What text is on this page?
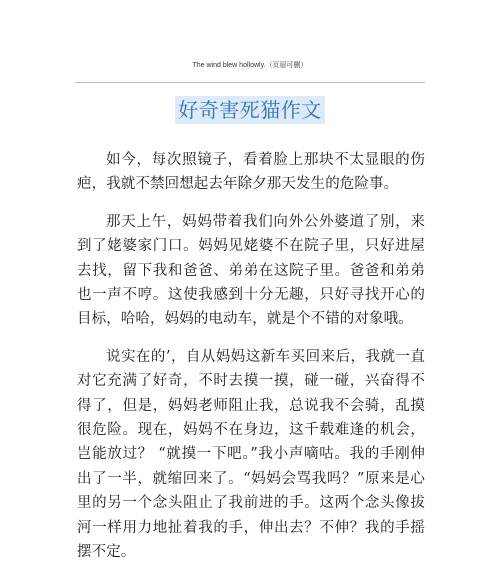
The wind blew hollowly.（页眉可删）
好奇害死猫作文

如今，每次照镜子，看着脸上那块不太显眼的伤疤，我就不禁回想起去年除夕那天发生的危险事。

那天上午，妈妈带着我们向外公外婆道了别，来到了姥婆家门口。妈妈见姥婆不在院子里，只好进屋去找，留下我和爸爸、弟弟在这院子里。爸爸和弟弟也一声不哼。这使我感到十分无趣，只好寻找开心的目标，哈哈，妈妈的电动车，就是个不错的对象哦。

说实在的’，自从妈妈这新车买回来后，我就一直对它充满了好奇，不时去摸一摸，碰一碰，兴奋得不得了，但是，妈妈老师阻止我，总说我不会骑，乱摸很危险。现在，妈妈不在身边，这千载难逢的机会，岂能放过？ “就摸一下吧。”我小声嘀咕。我的手刚伸出了一半，就缩回来了。“妈妈会骂我吗？”原来是心里的另一个念头阻止了我前进的手。这两个念头像拔河一样用力地扯着我的手，伸出去？不伸？我的手摇摆不定。
